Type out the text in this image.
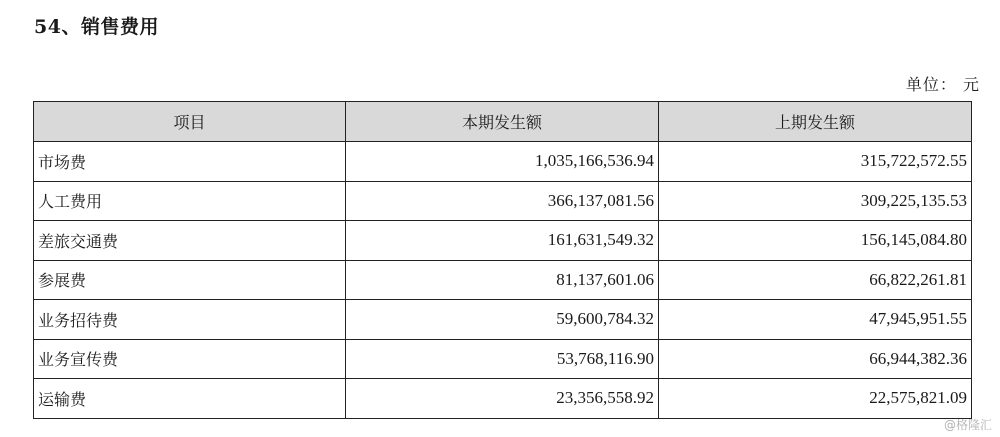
54、销售费用
单位： 元
项目	本期发生额	上期发生额
市场费	1,035,166,536.94	315,722,572.55
人工费用	366,137,081.56	309,225,135.53
差旅交通费	161,631,549.32	156,145,084.80
参展费	81,137,601.06	66,822,261.81
业务招待费	59,600,784.32	47,945,951.55
业务宣传费	53,768,116.90	66,944,382.36
运输费	23,356,558.92	22,575,821.09
@格隆汇
